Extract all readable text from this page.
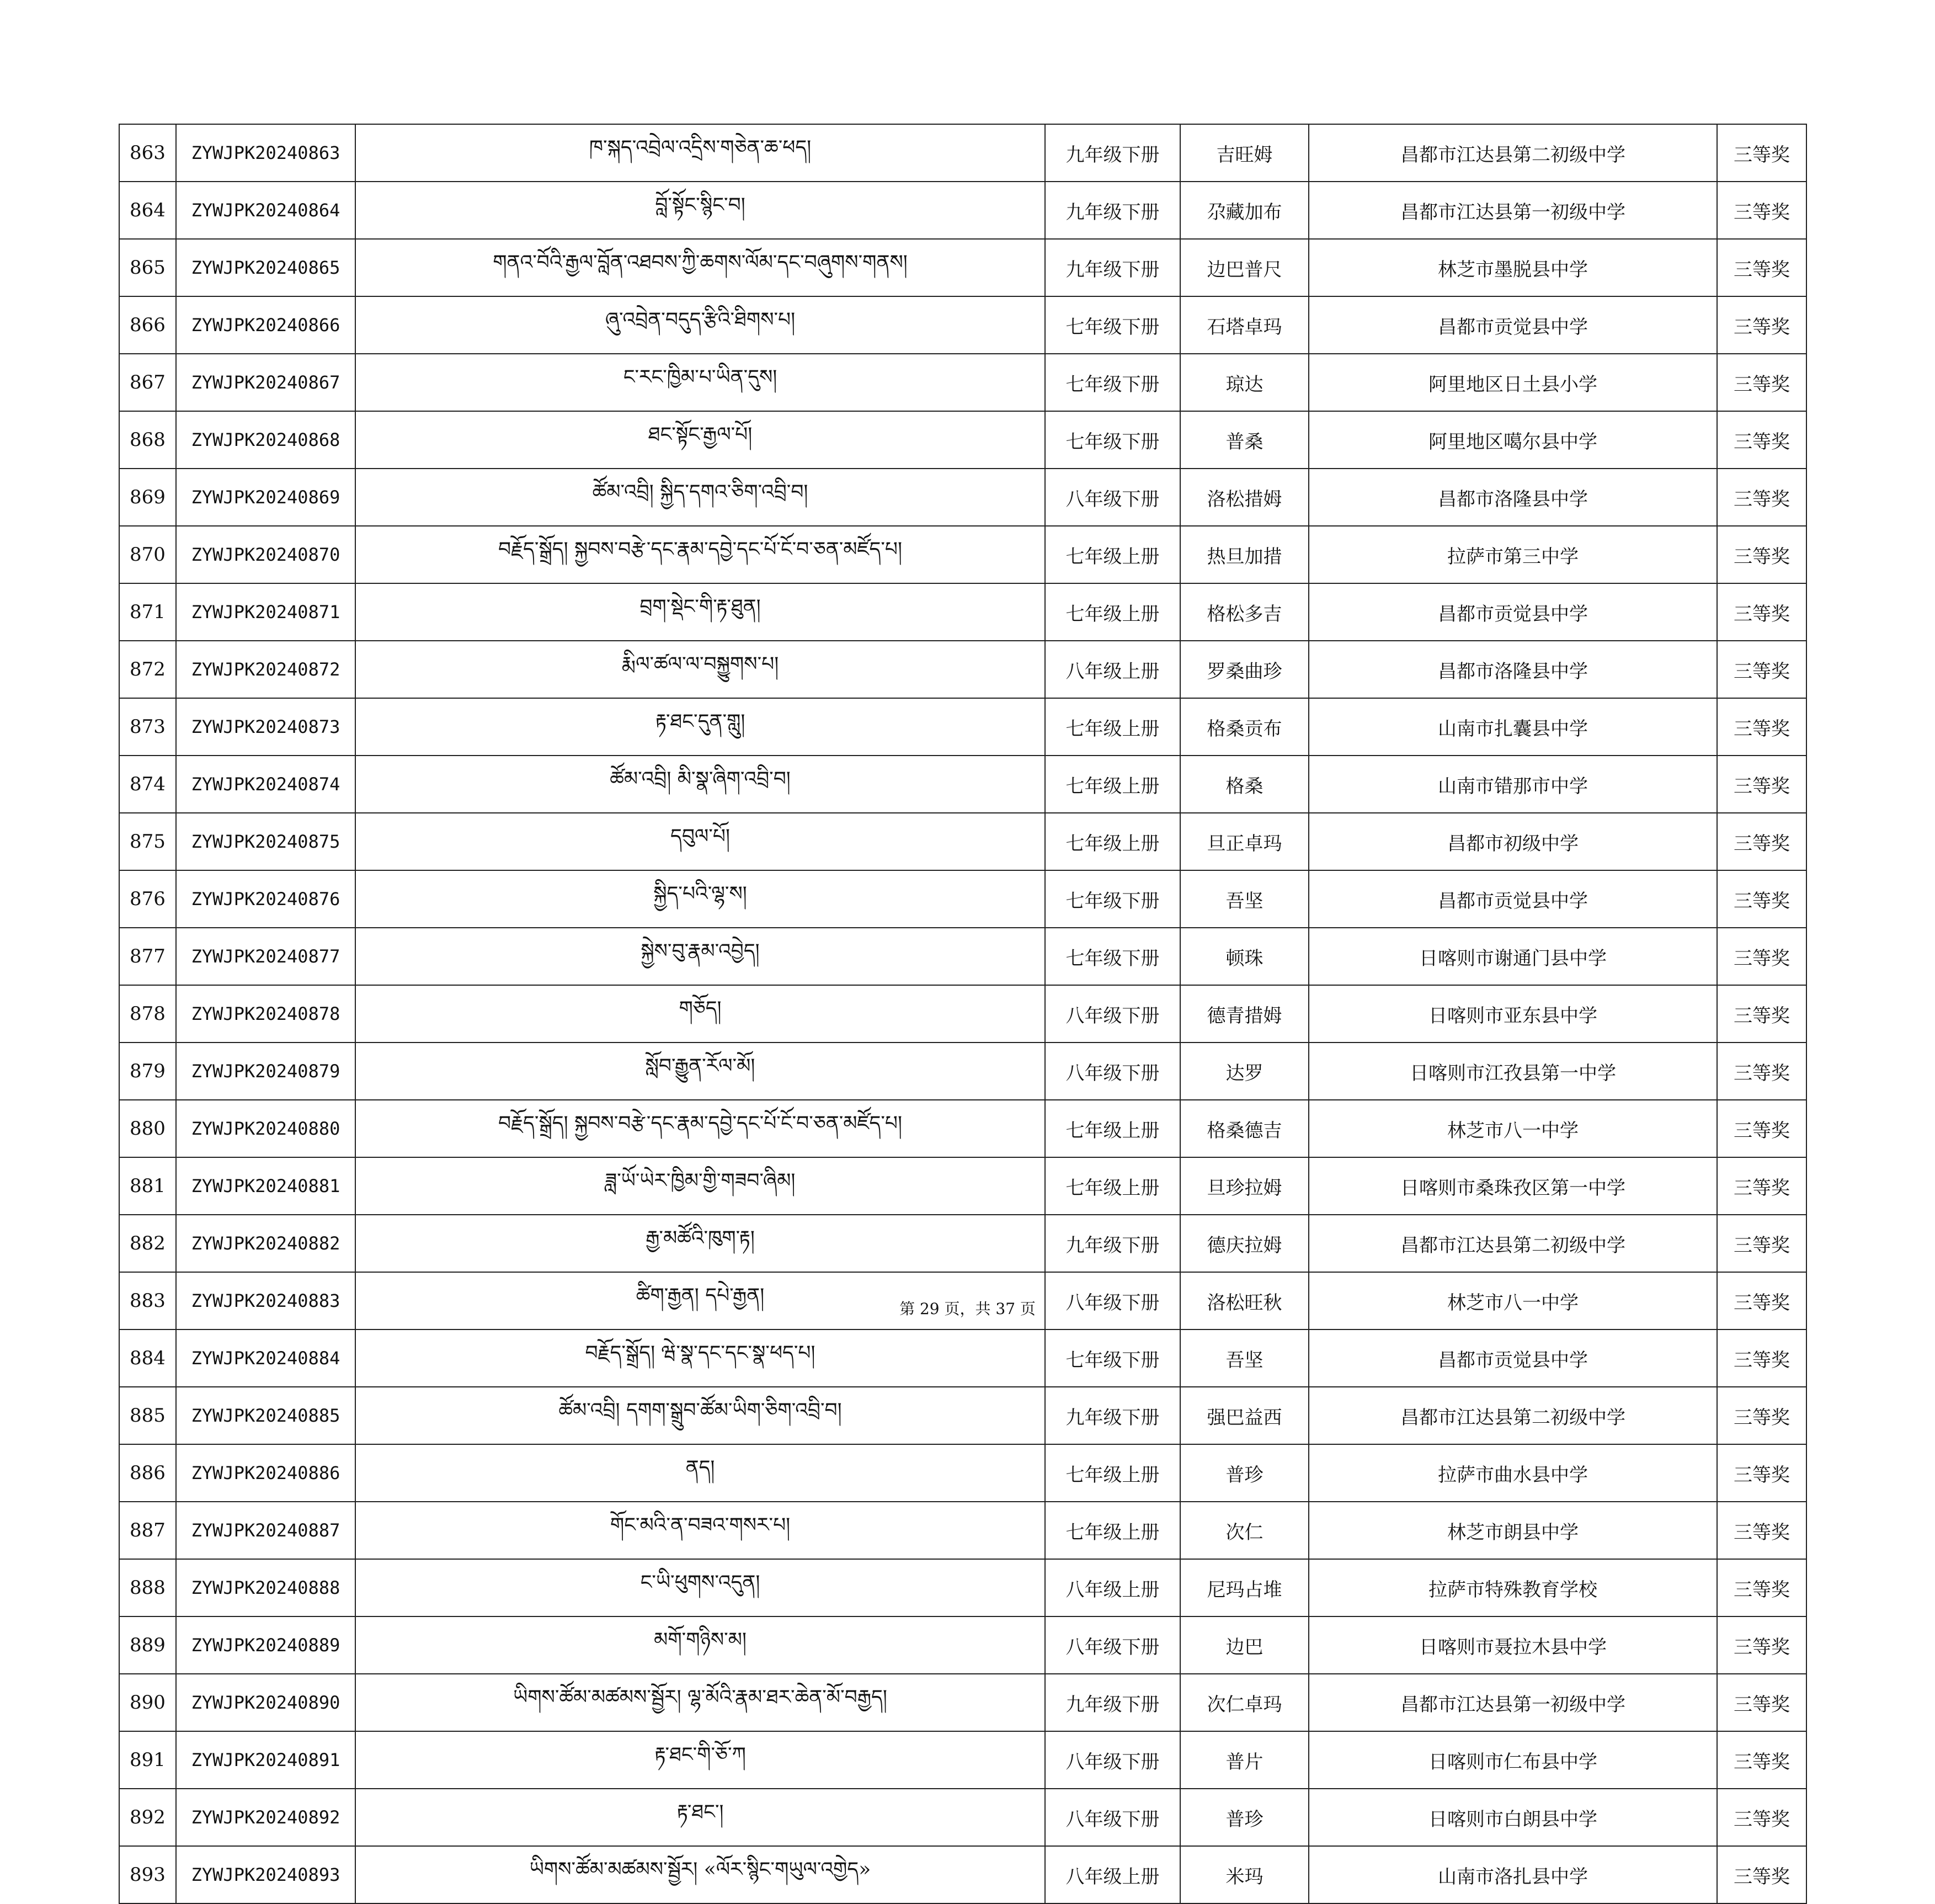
863	ZYWJPK20240863	ཁ་སྐད་འབྲེལ་འདྲིས་གཅེན་ཆ་ཕད།	九年级下册	吉旺姆	昌都市江达县第二初级中学	三等奖
864	ZYWJPK20240864	བློ་སྟོང་སྙིང་བ།	九年级下册	尕藏加布	昌都市江达县第一初级中学	三等奖
865	ZYWJPK20240865	གནའ་བོའི་རྒྱལ་བློན་འཐབས་ཀྱི་ཆགས་ལོམ་དང་བཞུགས་གནས།	九年级下册	边巴普尺	林芝市墨脱县中学	三等奖
866	ZYWJPK20240866	ཞུ་འབྲེན་བདུད་རྩིའི་ཐིགས་པ།	七年级下册	石塔卓玛	昌都市贡觉县中学	三等奖
867	ZYWJPK20240867	ང་རང་ཁྱིམ་པ་ཡིན་དུས།	七年级下册	琼达	阿里地区日土县小学	三等奖
868	ZYWJPK20240868	ཐང་སྟོང་རྒྱལ་པོ།	七年级下册	普桑	阿里地区噶尔县中学	三等奖
869	ZYWJPK20240869	ཚོམ་འབྲི། སྐྱིད་དགའ་ཅིག་འབྲི་བ།	八年级下册	洛松措姆	昌都市洛隆县中学	三等奖
870	ZYWJPK20240870	བརྗོད་སྒྲོད། སྐྱབས་བརྩེ་དང་རྣམ་དབྱེ་དང་པོ་ངོ་བ་ཅན་མཛོད་པ།	七年级上册	热旦加措	拉萨市第三中学	三等奖
871	ZYWJPK20240871	བྲག་སྡེང་གི་རྟ་ཐུན།	七年级上册	格松多吉	昌都市贡觉县中学	三等奖
872	ZYWJPK20240872	རྨིལ་ཚལ་ལ་བསྐྱུགས་པ།	八年级上册	罗桑曲珍	昌都市洛隆县中学	三等奖
873	ZYWJPK20240873	རྟ་ཐང་དུན་གླུ།	七年级上册	格桑贡布	山南市扎囊县中学	三等奖
874	ZYWJPK20240874	ཚོམ་འབྲི། མི་སྣ་ཞིག་འབྲི་བ།	七年级上册	格桑	山南市错那市中学	三等奖
875	ZYWJPK20240875	དབུལ་པོ།	七年级上册	旦正卓玛	昌都市初级中学	三等奖
876	ZYWJPK20240876	སྐྱིད་པའི་ལྷ་ས།	七年级下册	吾坚	昌都市贡觉县中学	三等奖
877	ZYWJPK20240877	སྐྱེས་བུ་རྣམ་འབྱེད།	七年级下册	顿珠	日喀则市谢通门县中学	三等奖
878	ZYWJPK20240878	གཅོད།	八年级下册	德青措姆	日喀则市亚东县中学	三等奖
879	ZYWJPK20240879	སློབ་རྒྱུན་རོལ་མོ།	八年级下册	达罗	日喀则市江孜县第一中学	三等奖
880	ZYWJPK20240880	བརྗོད་སྒྲོད། སྐྱབས་བརྩེ་དང་རྣམ་དབྱེ་དང་པོ་ངོ་བ་ཅན་མཛོད་པ།	七年级上册	格桑德吉	林芝市八一中学	三等奖
881	ZYWJPK20240881	ཟླ་ཡོ་ཡེར་ཁྱིམ་གྱི་གཟབ་ཞིམ།	七年级上册	旦珍拉姆	日喀则市桑珠孜区第一中学	三等奖
882	ZYWJPK20240882	རྒྱ་མཚོའི་ཁུག་རྟ།	九年级下册	德庆拉姆	昌都市江达县第二初级中学	三等奖
883	ZYWJPK20240883	ཚིག་རྒྱན། དཔེ་རྒྱན།	八年级下册	洛松旺秋	林芝市八一中学	三等奖
884	ZYWJPK20240884	བརྗོད་སྒྲོད། ཝེ་སྣ་དང་དང་སྣ་ཕད་པ།	七年级下册	吾坚	昌都市贡觉县中学	三等奖
885	ZYWJPK20240885	ཚོམ་འབྲི། དགག་སྒྲུབ་ཚོམ་ཡིག་ཅིག་འབྲི་བ།	九年级下册	强巴益西	昌都市江达县第二初级中学	三等奖
886	ZYWJPK20240886	ནད།	七年级上册	普珍	拉萨市曲水县中学	三等奖
887	ZYWJPK20240887	གོང་མའི་ན་བཟའ་གསར་པ།	七年级上册	次仁	林芝市朗县中学	三等奖
888	ZYWJPK20240888	ང་ཡི་ཕུགས་འདུན།	八年级上册	尼玛占堆	拉萨市特殊教育学校	三等奖
889	ZYWJPK20240889	མགོ་གཉིས་མ།	八年级下册	边巴	日喀则市聂拉木县中学	三等奖
890	ZYWJPK20240890	ཡིགས་ཚོམ་མཚམས་སྦྱོར། ལྷ་མོའི་རྣམ་ཐར་ཆེན་མོ་བརྒྱད།	九年级下册	次仁卓玛	昌都市江达县第一初级中学	三等奖
891	ZYWJPK20240891	རྟ་ཐང་གི་ཅོ་ཀ	八年级下册	普片	日喀则市仁布县中学	三等奖
892	ZYWJPK20240892	རྟ་ཐང་།	八年级下册	普珍	日喀则市白朗县中学	三等奖
893	ZYWJPK20240893	ཡིགས་ཚོམ་མཚམས་སྦྱོར། «ལོར་སྙིང་གཡུལ་འགྱེད»	八年级上册	米玛	山南市洛扎县中学	三等奖
第 29 页，共 37 页
